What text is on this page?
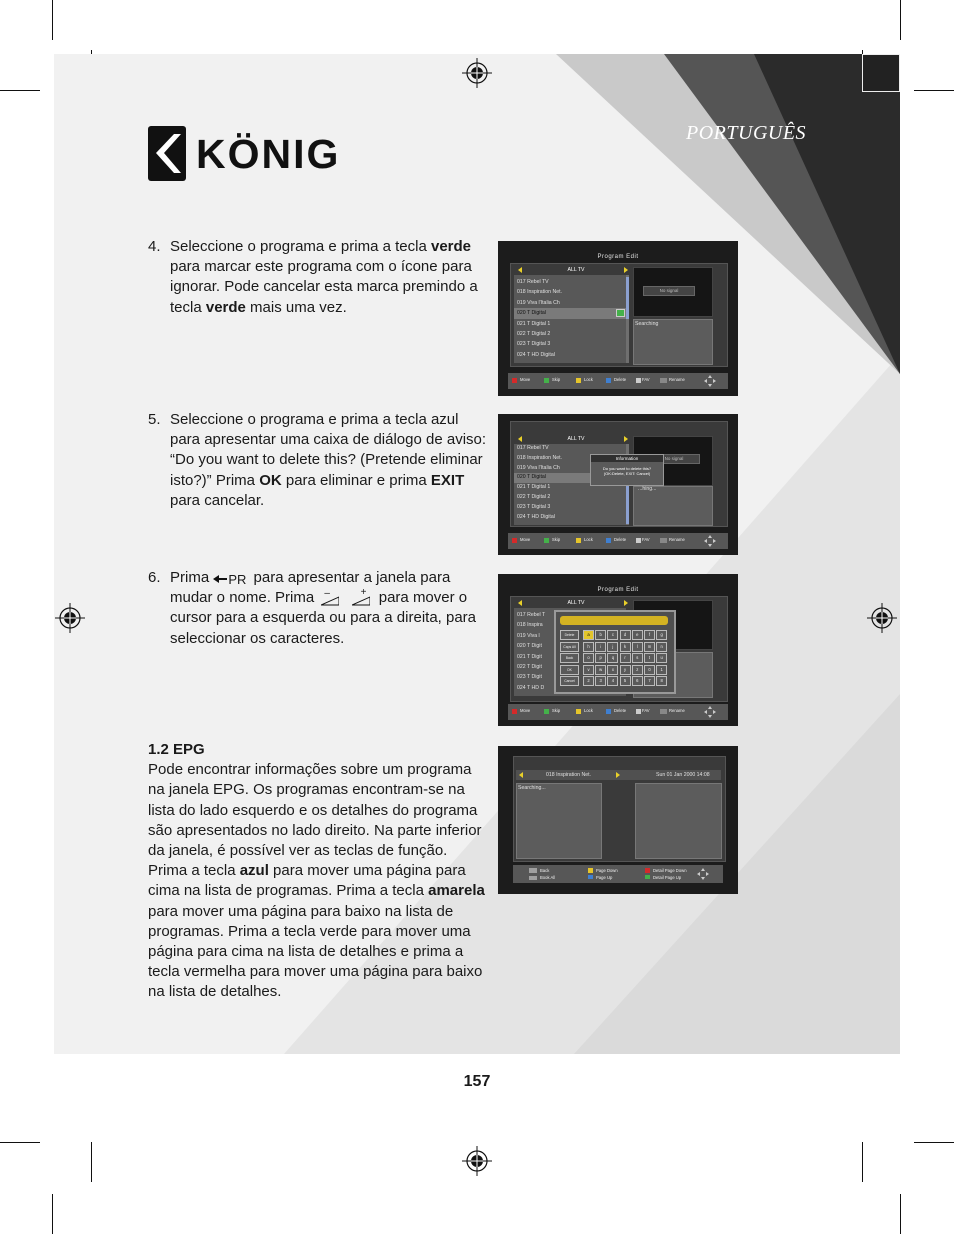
KÖNIG	PORTUGUÊS
4. Seleccione o programa e prima a tecla verde para marcar este programa com o ícone para ignorar. Pode cancelar esta marca premindo a tecla verde mais uma vez.
5. Seleccione o programa e prima a tecla azul para apresentar uma caixa de diálogo de aviso: “Do you want to delete this? (Pretende eliminar isto?)” Prima OK para eliminar e prima EXIT para cancelar.
6. Prima PR para apresentar a janela para mudar o nome. Prima –
	+ para mover o cursor para a esquerda ou para a direita, para seleccionar os caracteres.
1.2 EPG
Pode encontrar informações sobre um programa na janela EPG. Os programas encontram-se na lista do lado esquerdo e os detalhes do programa são apresentados no lado direito. Na parte inferior da janela, é possível ver as teclas de função.
Prima a tecla azul para mover uma página para cima na lista de programas. Prima a tecla amarela para mover uma página para baixo na lista de programas. Prima a tecla verde para mover uma página para cima na lista de detalhes e prima a tecla vermelha para mover uma página para baixo na lista de detalhes.
157
Program Edit
017 Rebel TV
018 Inspiration Net.
019 Viva l'Italia Ch
020 T Digital
021 T Digital 1
022 T Digital 2
023 T Digital 3
024 T HD Digital
ALL TV
No signal
Searching
Move	Skip	Lock	Delete	FAV	Rename
017 Rebel TV
018 Inspiration Net.
019 Viva l'Italia Ch
020 T Digital
021 T Digital 1
022 T Digital 2
023 T Digital 3
024 T HD Digital
ALL TV
No signal
...hing...
Information
Do you want to delete this?
(OK:Delete, EXIT: Cancel)
Move	Skip	Lock	Delete	FAV	Rename
Program Edit
017 Rebel T
018 Inspira
019 Viva l
020 T Digit
021 T Digit
022 T Digit
023 T Digit
024 T HD D
ALL TV
Delete	a	b	c	d	e	f	g
Caps All	h	i	j	k	l	m	n
Back	o	p	q	r	s	t	u
OK	v	w	x	y	z	0	1
Cancel	2	3	4	5	6	7	8
Move	Skip	Lock	Delete	FAV	Rename
018 Inspiration Net.	Sun 01 Jan 2000 14:08
Searching...
Back
Book All
Page Down
Page Up
Detail Page Down
Detail Page Up
